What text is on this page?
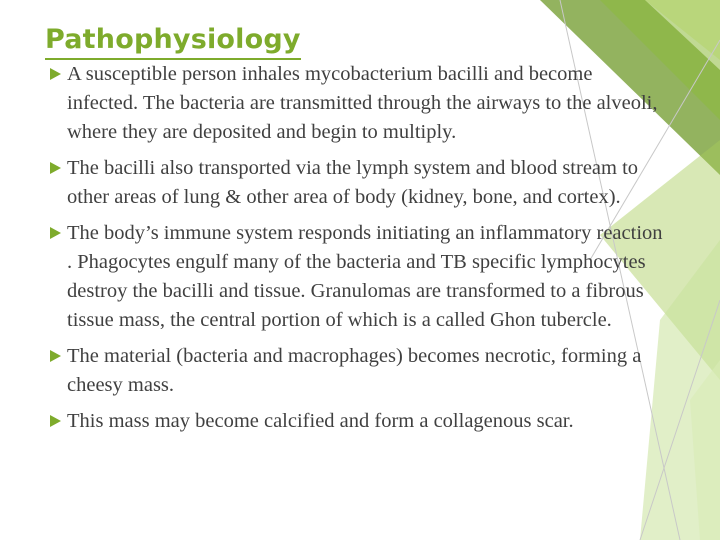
Pathophysiology
A susceptible person inhales mycobacterium bacilli and become infected. The bacteria are transmitted through the airways to the alveoli, where they are deposited and begin to multiply.
The bacilli also transported via the lymph system and blood stream to other areas of lung & other area of body (kidney, bone, and cortex).
The body’s immune system responds initiating an inflammatory reaction . Phagocytes engulf many of the bacteria and TB specific lymphocytes destroy the bacilli and tissue. Granulomas are transformed to a fibrous tissue mass, the central portion of which is a called Ghon tubercle.
The material (bacteria and macrophages) becomes necrotic, forming a cheesy mass.
This mass may become calcified and form a collagenous scar.
